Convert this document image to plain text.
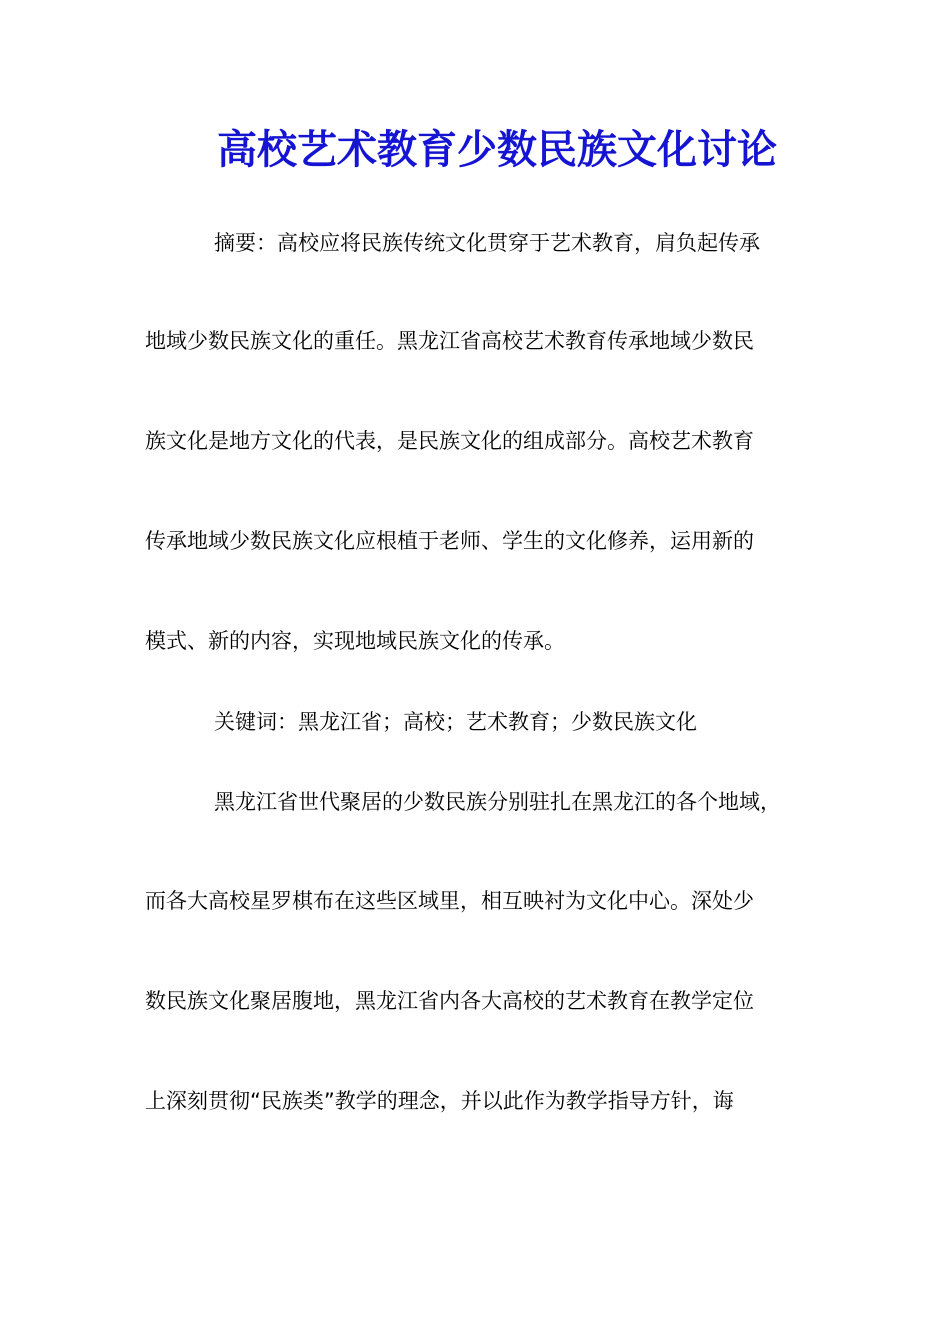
高校艺术教育少数民族文化讨论
摘要：高校应将民族传统文化贯穿于艺术教育，肩负起传承
地域少数民族文化的重任。黑龙江省高校艺术教育传承地域少数民
族文化是地方文化的代表，是民族文化的组成部分。高校艺术教育
传承地域少数民族文化应根植于老师、学生的文化修养，运用新的
模式、新的内容，实现地域民族文化的传承。
关键词：黑龙江省；高校；艺术教育；少数民族文化
黑龙江省世代聚居的少数民族分别驻扎在黑龙江的各个地域，
而各大高校星罗棋布在这些区域里，相互映衬为文化中心。深处少
数民族文化聚居腹地，黑龙江省内各大高校的艺术教育在教学定位
上深刻贯彻“民族类”教学的理念，并以此作为教学指导方针，诲
